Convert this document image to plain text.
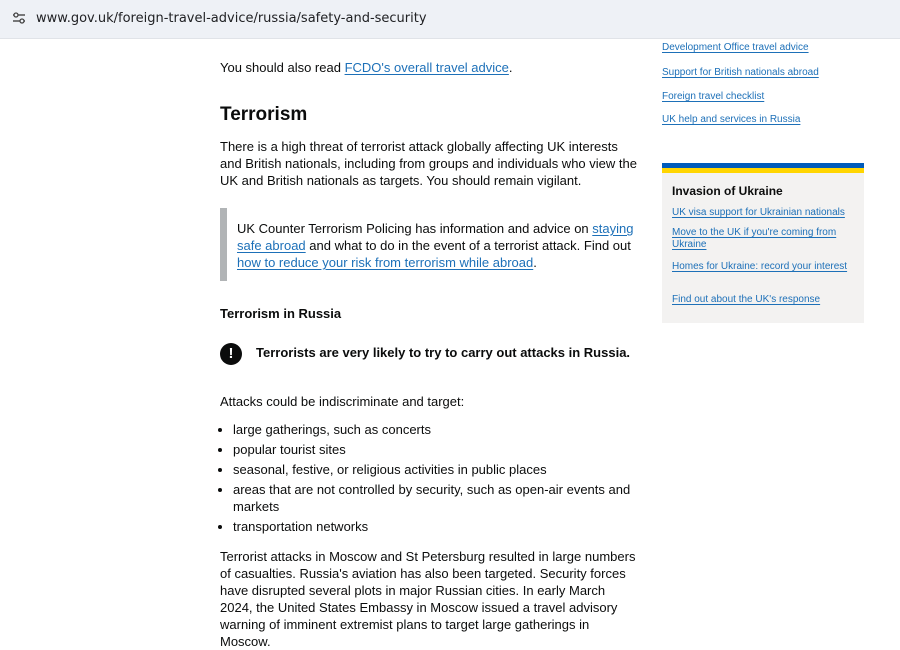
www.gov.uk/foreign-travel-advice/russia/safety-and-security

You should also read FCDO's overall travel advice.

Terrorism

There is a high threat of terrorist attack globally affecting UK interests and British nationals, including from groups and individuals who view the UK and British nationals as targets. You should remain vigilant.

UK Counter Terrorism Policing has information and advice on staying safe abroad and what to do in the event of a terrorist attack. Find out how to reduce your risk from terrorism while abroad.

Terrorism in Russia
!	Terrorists are very likely to try to carry out attacks in Russia.

Attacks could be indiscriminate and target:

• large gatherings, such as concerts
• popular tourist sites
• seasonal, festive, or religious activities in public places
• areas that are not controlled by security, such as open-air events and markets
• transportation networks

Terrorist attacks in Moscow and St Petersburg resulted in large numbers of casualties. Russia's aviation has also been targeted. Security forces have disrupted several plots in major Russian cities. In early March 2024, the United States Embassy in Moscow issued a travel advisory warning of imminent extremist plans to target large gatherings in Moscow.

Development Office travel advice
Support for British nationals abroad
Foreign travel checklist
UK help and services in Russia
Invasion of Ukraine
UK visa support for Ukrainian nationals
Move to the UK if you're coming from Ukraine
Homes for Ukraine: record your interest
Find out about the UK's response
